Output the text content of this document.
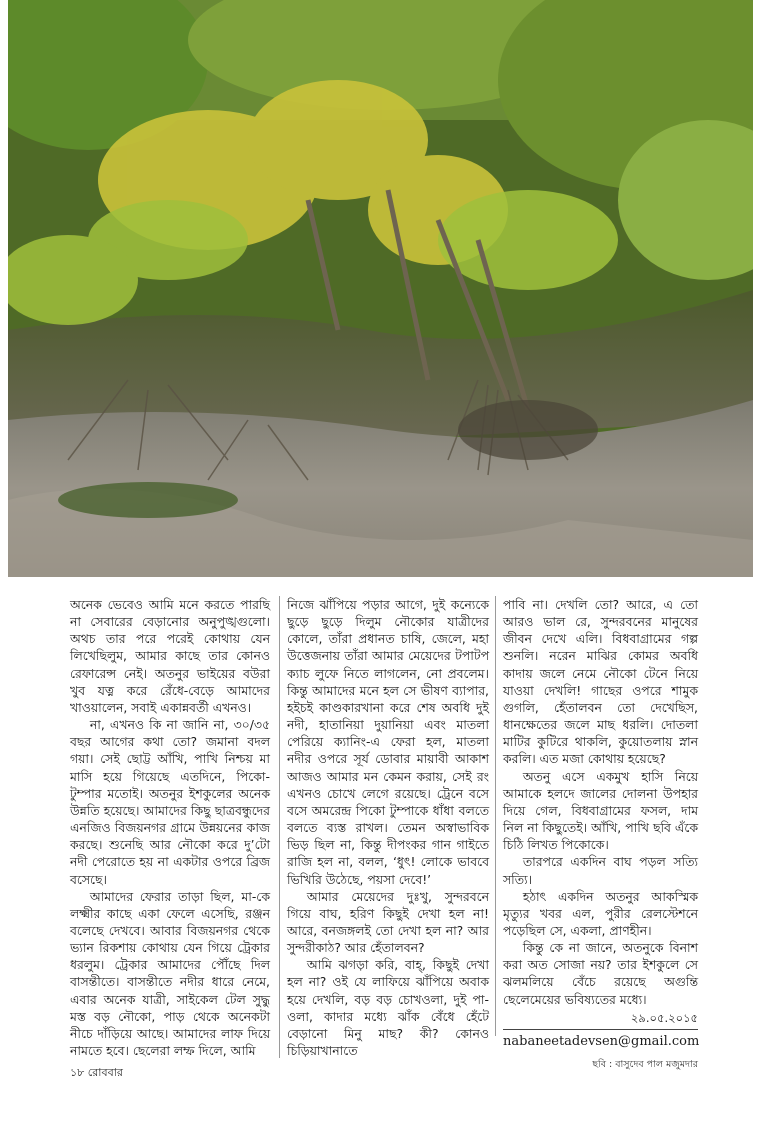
অনেক ভেবেও আমি মনে করতে পারছি না সেবারের বেড়ানোর অনুপুঙ্খগুলো। অথচ তার পরে পরেই কোথায় যেন লিখেছিলুম, আমার কাছে তার কোনও রেফারেন্স নেই। অতনুর ভাইয়ের বউরা খুব যত্ন করে রেঁধে-বেড়ে আমাদের খাওয়ালেন, সবাই একান্নবর্তী এখনও।

না, এখনও কি না জানি না, ৩০/৩৫ বছর আগের কথা তো? জমানা বদল গয়া। সেই ছোট্ট আঁখি, পাখি নিশ্চয় মা মাসি হয়ে গিয়েছে এতদিনে, পিকো-টুম্পার মতোই। অতনুর ইশকুলের অনেক উন্নতি হয়েছে। আমাদের কিছু ছাত্রবন্ধুদের এনজিও বিজয়নগর গ্রামে উন্নয়নের কাজ করছে। শুনেছি আর নৌকো করে দু’টো নদী পেরোতে হয় না একটার ওপরে ব্রিজ বসেছে।

আমাদের ফেরার তাড়া ছিল, মা-কে লক্ষ্মীর কাছে একা ফেলে এসেছি, রঞ্জন বলেছে দেখবে। আবার বিজয়নগর থেকে ভ্যান রিকশায় কোথায় যেন গিয়ে ট্রেকার ধরলুম। ট্রেকার আমাদের পৌঁছে দিল বাসন্তীতে। বাসন্তীতে নদীর ধারে নেমে, এবার অনেক যাত্রী, সাইকেল টেল সুদ্ধু মস্ত বড় নৌকো, পাড় থেকে অনেকটা নীচে দাঁড়িয়ে আছে। আমাদের লাফ দিয়ে নামতে হবে। ছেলেরা লম্ফ দিলে, আমি

নিজে ঝাঁপিয়ে পড়ার আগে, দুই কন্যেকে ছুড়ে ছুড়ে দিলুম নৌকোর যাত্রীদের কোলে, তাঁরা প্রধানত চাষি, জেলে, মহা উত্তেজনায় তাঁরা আমার মেয়েদের টপাটপ ক্যাচ লুফে নিতে লাগলেন, নো প্রবলেম। কিন্তু আমাদের মনে হল সে ভীষণ ব্যাপার, হইচই কাণ্ডকারখানা করে শেষ অবধি দুই নদী, হাতানিয়া দুয়ানিয়া এবং মাতলা পেরিয়ে ক্যানিং-এ ফেরা হল, মাতলা নদীর ওপরে সূর্য ডোবার মায়াবী আকাশ আজও আমার মন কেমন করায়, সেই রং এখনও চোখে লেগে রয়েছে। ট্রেনে বসে বসে অমরেন্দ্র পিকো টুম্পাকে ধাঁধা বলতে বলতে ব্যস্ত রাখল। তেমন অস্বাভাবিক ভিড় ছিল না, কিন্তু দীপংকর গান গাইতে রাজি হল না, বলল, ‘ধুৎ! লোকে ভাববে ভিখিরি উঠেছে, পয়সা দেবে!’

আমার মেয়েদের দুঃখু, সুন্দরবনে গিয়ে বাঘ, হরিণ কিছুই দেখা হল না! আরে, বনজঙ্গলই তো দেখা হল না? আর সুন্দরীকাঠ? আর হেঁতালবন?

আমি ঝগড়া করি, বাহ্‌, কিছুই দেখা হল না? ওই যে লাফিয়ে ঝাঁপিয়ে অবাক হয়ে দেখলি, বড় বড় চোখওলা, দুই পা-ওলা, কাদার মধ্যে ঝাঁক বেঁধে হেঁটে বেড়ানো মিনু মাছ? কী? কোনও চিড়িয়াখানাতে

পাবি না। দেখলি তো? আরে, এ তো আরও ভাল রে, সুন্দরবনের মানুষের জীবন দেখে এলি। বিধবাগ্রামের গল্প শুনলি। নরেন মাঝির কোমর অবধি কাদায় জলে নেমে নৌকো টেনে নিয়ে যাওয়া দেখলি! গাছের ওপরে শামুক গুগলি, হেঁতালবন তো দেখেছিস, ধানক্ষেতের জলে মাছ ধরলি। দোতলা মাটির কুটিরে থাকলি, কুয়োতলায় স্নান করলি। এত মজা কোথায় হয়েছে?

অতনু এসে একমুখ হাসি নিয়ে আমাকে হলদে জালের দোলনা উপহার দিয়ে গেল, বিধবাগ্রামের ফসল, দাম নিল না কিছুতেই। আঁখি, পাখি ছবি এঁকে চিঠি লিখত পিকোকে।

তারপরে একদিন বাঘ পড়ল সত্যি সত্যি।

হঠাৎ একদিন অতনুর আকস্মিক মৃত্যুর খবর এল, পুরীর রেলস্টেশনে পড়েছিল সে, একলা, প্রাণহীন।

কিন্তু কে না জানে, অতনুকে বিনাশ করা অত সোজা নয়? তার ইশকুলে সে ঝলমলিয়ে বেঁচে রয়েছে অগুন্তি ছেলেমেয়ের ভবিষ্যতের মধ্যে।

২৯.০৫.২০১৫
nabaneetadevsen@gmail.com
ছবি : বাসুদেব পাল মজুমদার
১৮ রোববার
